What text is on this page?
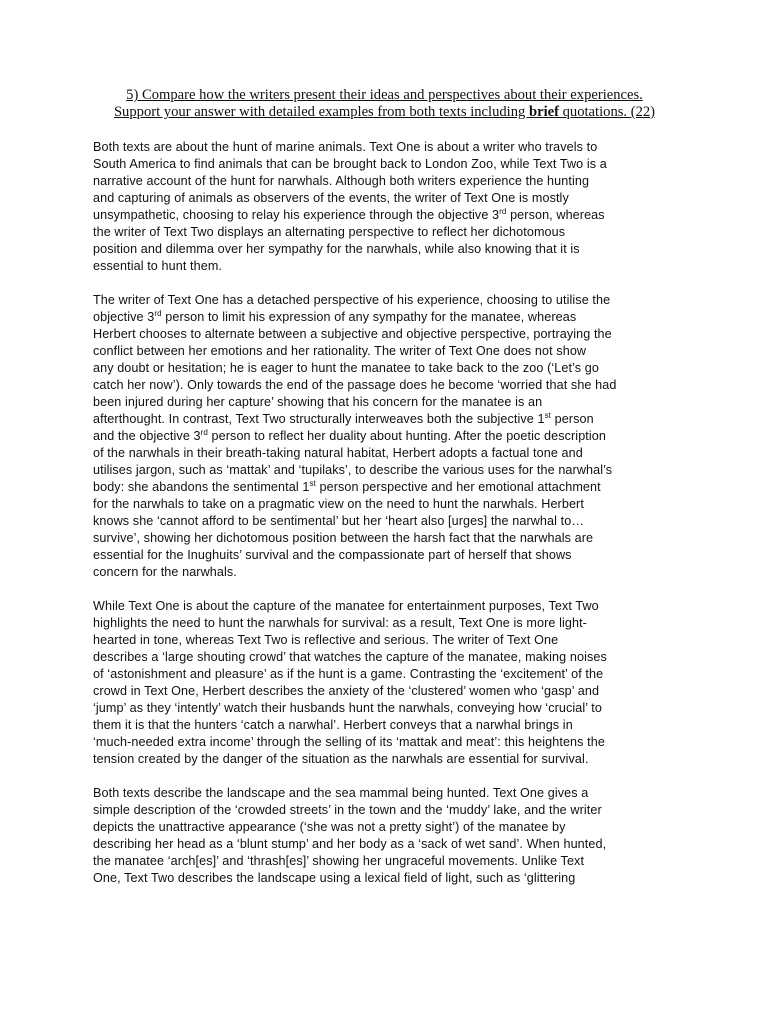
5) Compare how the writers present their ideas and perspectives about their experiences.
Support your answer with detailed examples from both texts including brief quotations. (22)
Both texts are about the hunt of marine animals. Text One is about a writer who travels to
South America to find animals that can be brought back to London Zoo, while Text Two is a
narrative account of the hunt for narwhals. Although both writers experience the hunting
and capturing of animals as observers of the events, the writer of Text One is mostly
unsympathetic, choosing to relay his experience through the objective 3rd person, whereas
the writer of Text Two displays an alternating perspective to reflect her dichotomous
position and dilemma over her sympathy for the narwhals, while also knowing that it is
essential to hunt them.
The writer of Text One has a detached perspective of his experience, choosing to utilise the
objective 3rd person to limit his expression of any sympathy for the manatee, whereas
Herbert chooses to alternate between a subjective and objective perspective, portraying the
conflict between her emotions and her rationality. The writer of Text One does not show
any doubt or hesitation; he is eager to hunt the manatee to take back to the zoo (‘Let’s go
catch her now’). Only towards the end of the passage does he become ‘worried that she had
been injured during her capture’ showing that his concern for the manatee is an
afterthought. In contrast, Text Two structurally interweaves both the subjective 1st person
and the objective 3rd person to reflect her duality about hunting. After the poetic description
of the narwhals in their breath-taking natural habitat, Herbert adopts a factual tone and
utilises jargon, such as ‘mattak’ and ‘tupilaks’, to describe the various uses for the narwhal’s
body: she abandons the sentimental 1st person perspective and her emotional attachment
for the narwhals to take on a pragmatic view on the need to hunt the narwhals. Herbert
knows she ‘cannot afford to be sentimental’ but her ‘heart also [urges] the narwhal to…
survive’, showing her dichotomous position between the harsh fact that the narwhals are
essential for the Inughuits’ survival and the compassionate part of herself that shows
concern for the narwhals.
While Text One is about the capture of the manatee for entertainment purposes, Text Two
highlights the need to hunt the narwhals for survival: as a result, Text One is more light-
hearted in tone, whereas Text Two is reflective and serious. The writer of Text One
describes a ‘large shouting crowd’ that watches the capture of the manatee, making noises
of ‘astonishment and pleasure’ as if the hunt is a game. Contrasting the ‘excitement’ of the
crowd in Text One, Herbert describes the anxiety of the ‘clustered’ women who ‘gasp’ and
‘jump’ as they ‘intently’ watch their husbands hunt the narwhals, conveying how ‘crucial’ to
them it is that the hunters ‘catch a narwhal’. Herbert conveys that a narwhal brings in
‘much-needed extra income’ through the selling of its ‘mattak and meat’: this heightens the
tension created by the danger of the situation as the narwhals are essential for survival.
Both texts describe the landscape and the sea mammal being hunted. Text One gives a
simple description of the ‘crowded streets’ in the town and the ‘muddy’ lake, and the writer
depicts the unattractive appearance (‘she was not a pretty sight’) of the manatee by
describing her head as a ‘blunt stump’ and her body as a ‘sack of wet sand’. When hunted,
the manatee ‘arch[es]’ and ‘thrash[es]’ showing her ungraceful movements. Unlike Text
One, Text Two describes the landscape using a lexical field of light, such as ‘glittering
